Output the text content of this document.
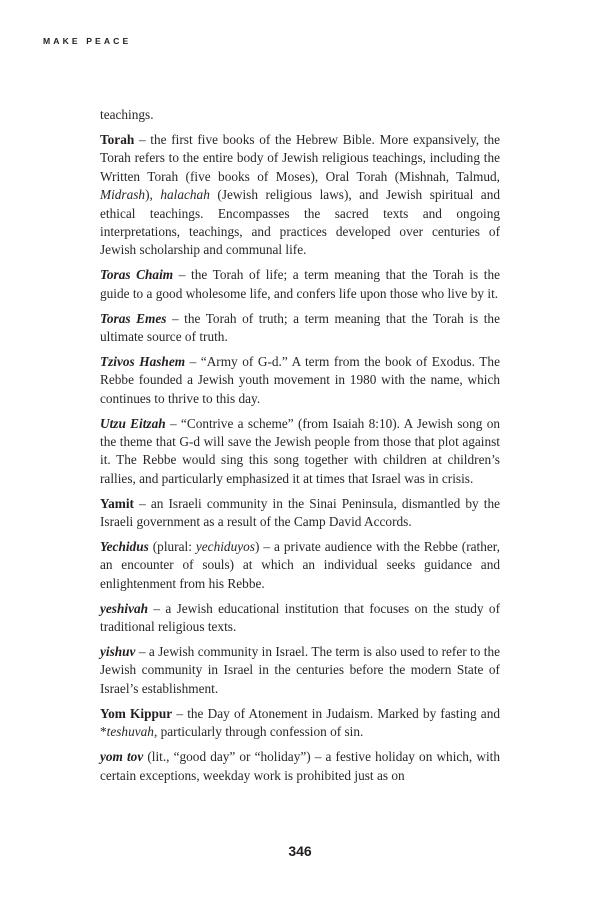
MAKE PEACE

teachings.

Torah – the first five books of the Hebrew Bible. More expansively, the Torah refers to the entire body of Jewish religious teachings, including the Written Torah (five books of Moses), Oral Torah (Mishnah, Talmud, Midrash), halachah (Jewish religious laws), and Jewish spiritual and ethical teachings. Encompasses the sacred texts and ongoing interpretations, teachings, and practices developed over centuries of Jewish scholarship and communal life.

Toras Chaim – the Torah of life; a term meaning that the Torah is the guide to a good wholesome life, and confers life upon those who live by it.

Toras Emes – the Torah of truth; a term meaning that the Torah is the ultimate source of truth.

Tzivos Hashem – “Army of G-d.” A term from the book of Exodus. The Rebbe founded a Jewish youth movement in 1980 with the name, which continues to thrive to this day.

Utzu Eitzah – “Contrive a scheme” (from Isaiah 8:10). A Jewish song on the theme that G-d will save the Jewish people from those that plot against it. The Rebbe would sing this song together with children at children’s rallies, and particularly emphasized it at times that Israel was in crisis.

Yamit – an Israeli community in the Sinai Peninsula, dismantled by the Israeli government as a result of the Camp David Accords.

Yechidus (plural: yechiduyos) – a private audience with the Rebbe (rather, an encounter of souls) at which an individual seeks guidance and enlightenment from his Rebbe.

yeshivah – a Jewish educational institution that focuses on the study of traditional religious texts.

yishuv – a Jewish community in Israel. The term is also used to refer to the Jewish community in Israel in the centuries before the modern State of Israel’s establishment.

Yom Kippur – the Day of Atonement in Judaism. Marked by fasting and *teshuvah, particularly through confession of sin.

yom tov (lit., “good day” or “holiday”) – a festive holiday on which, with certain exceptions, weekday work is prohibited just as on

346
